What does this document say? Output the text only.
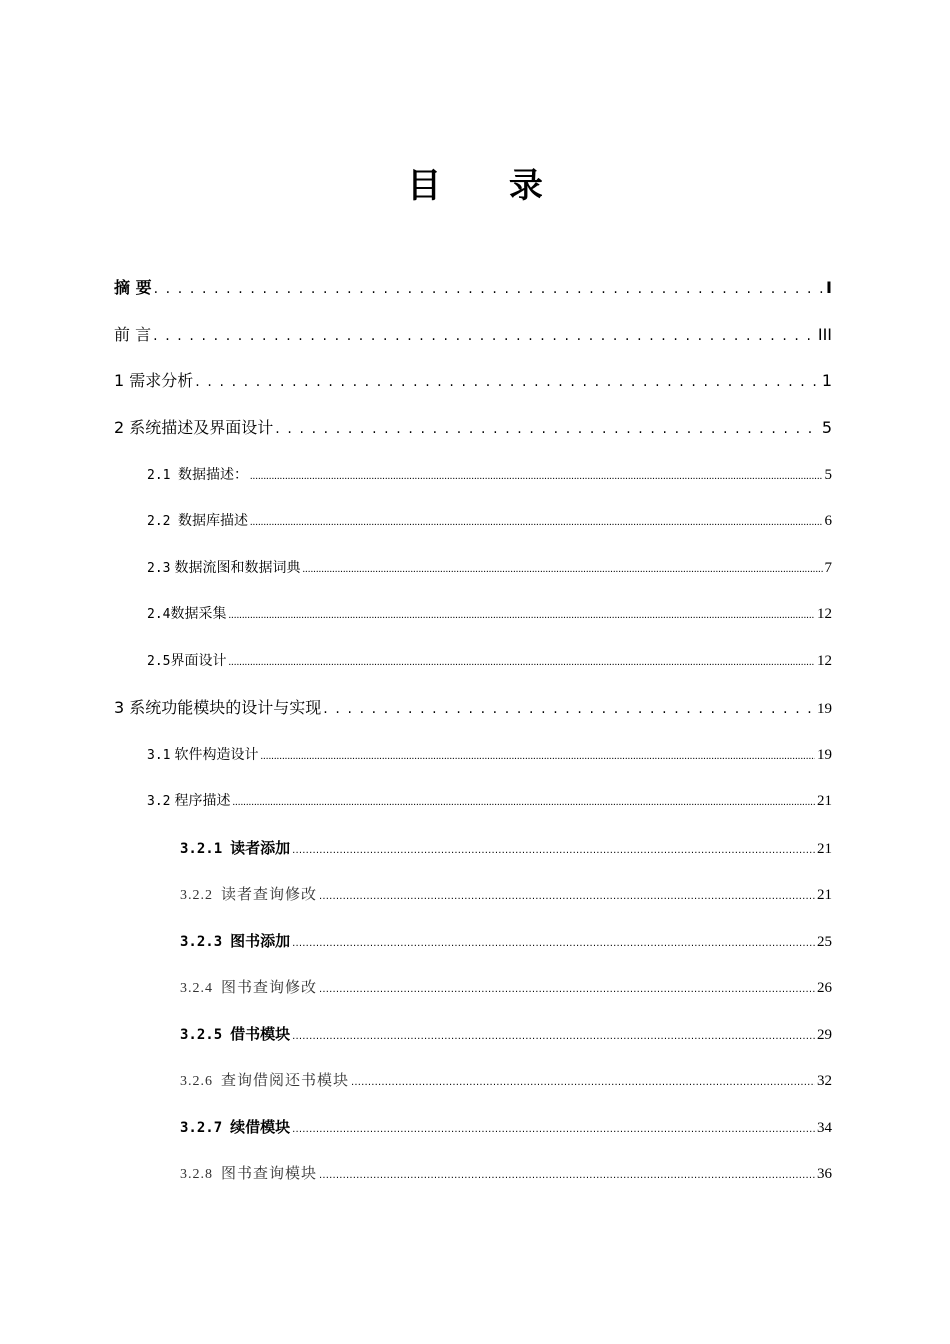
目 录
摘 要 . . .	I
前 言 . . .	III
1 需求分析 . . .	1
2 系统描述及界面设计 . . .	5
2.1 数据描述： .....	5
2.2 数据库描述 .....	6
2.3 数据流图和数据词典 .....	7
2.4数据采集 .....	12
2.5界面设计 .....	12
3 系统功能模块的设计与实现 . . .	19
3.1 软件构造设计 .....	19
3.2 程序描述 .....	21
3.2.1 读者添加 .....	21
3.2.2 读者查询修改 .....	21
3.2.3 图书添加 .....	25
3.2.4 图书查询修改 .....	26
3.2.5 借书模块 .....	29
3.2.6 查询借阅还书模块 .....	32
3.2.7 续借模块 .....	34
3.2.8 图书查询模块 .....	36
